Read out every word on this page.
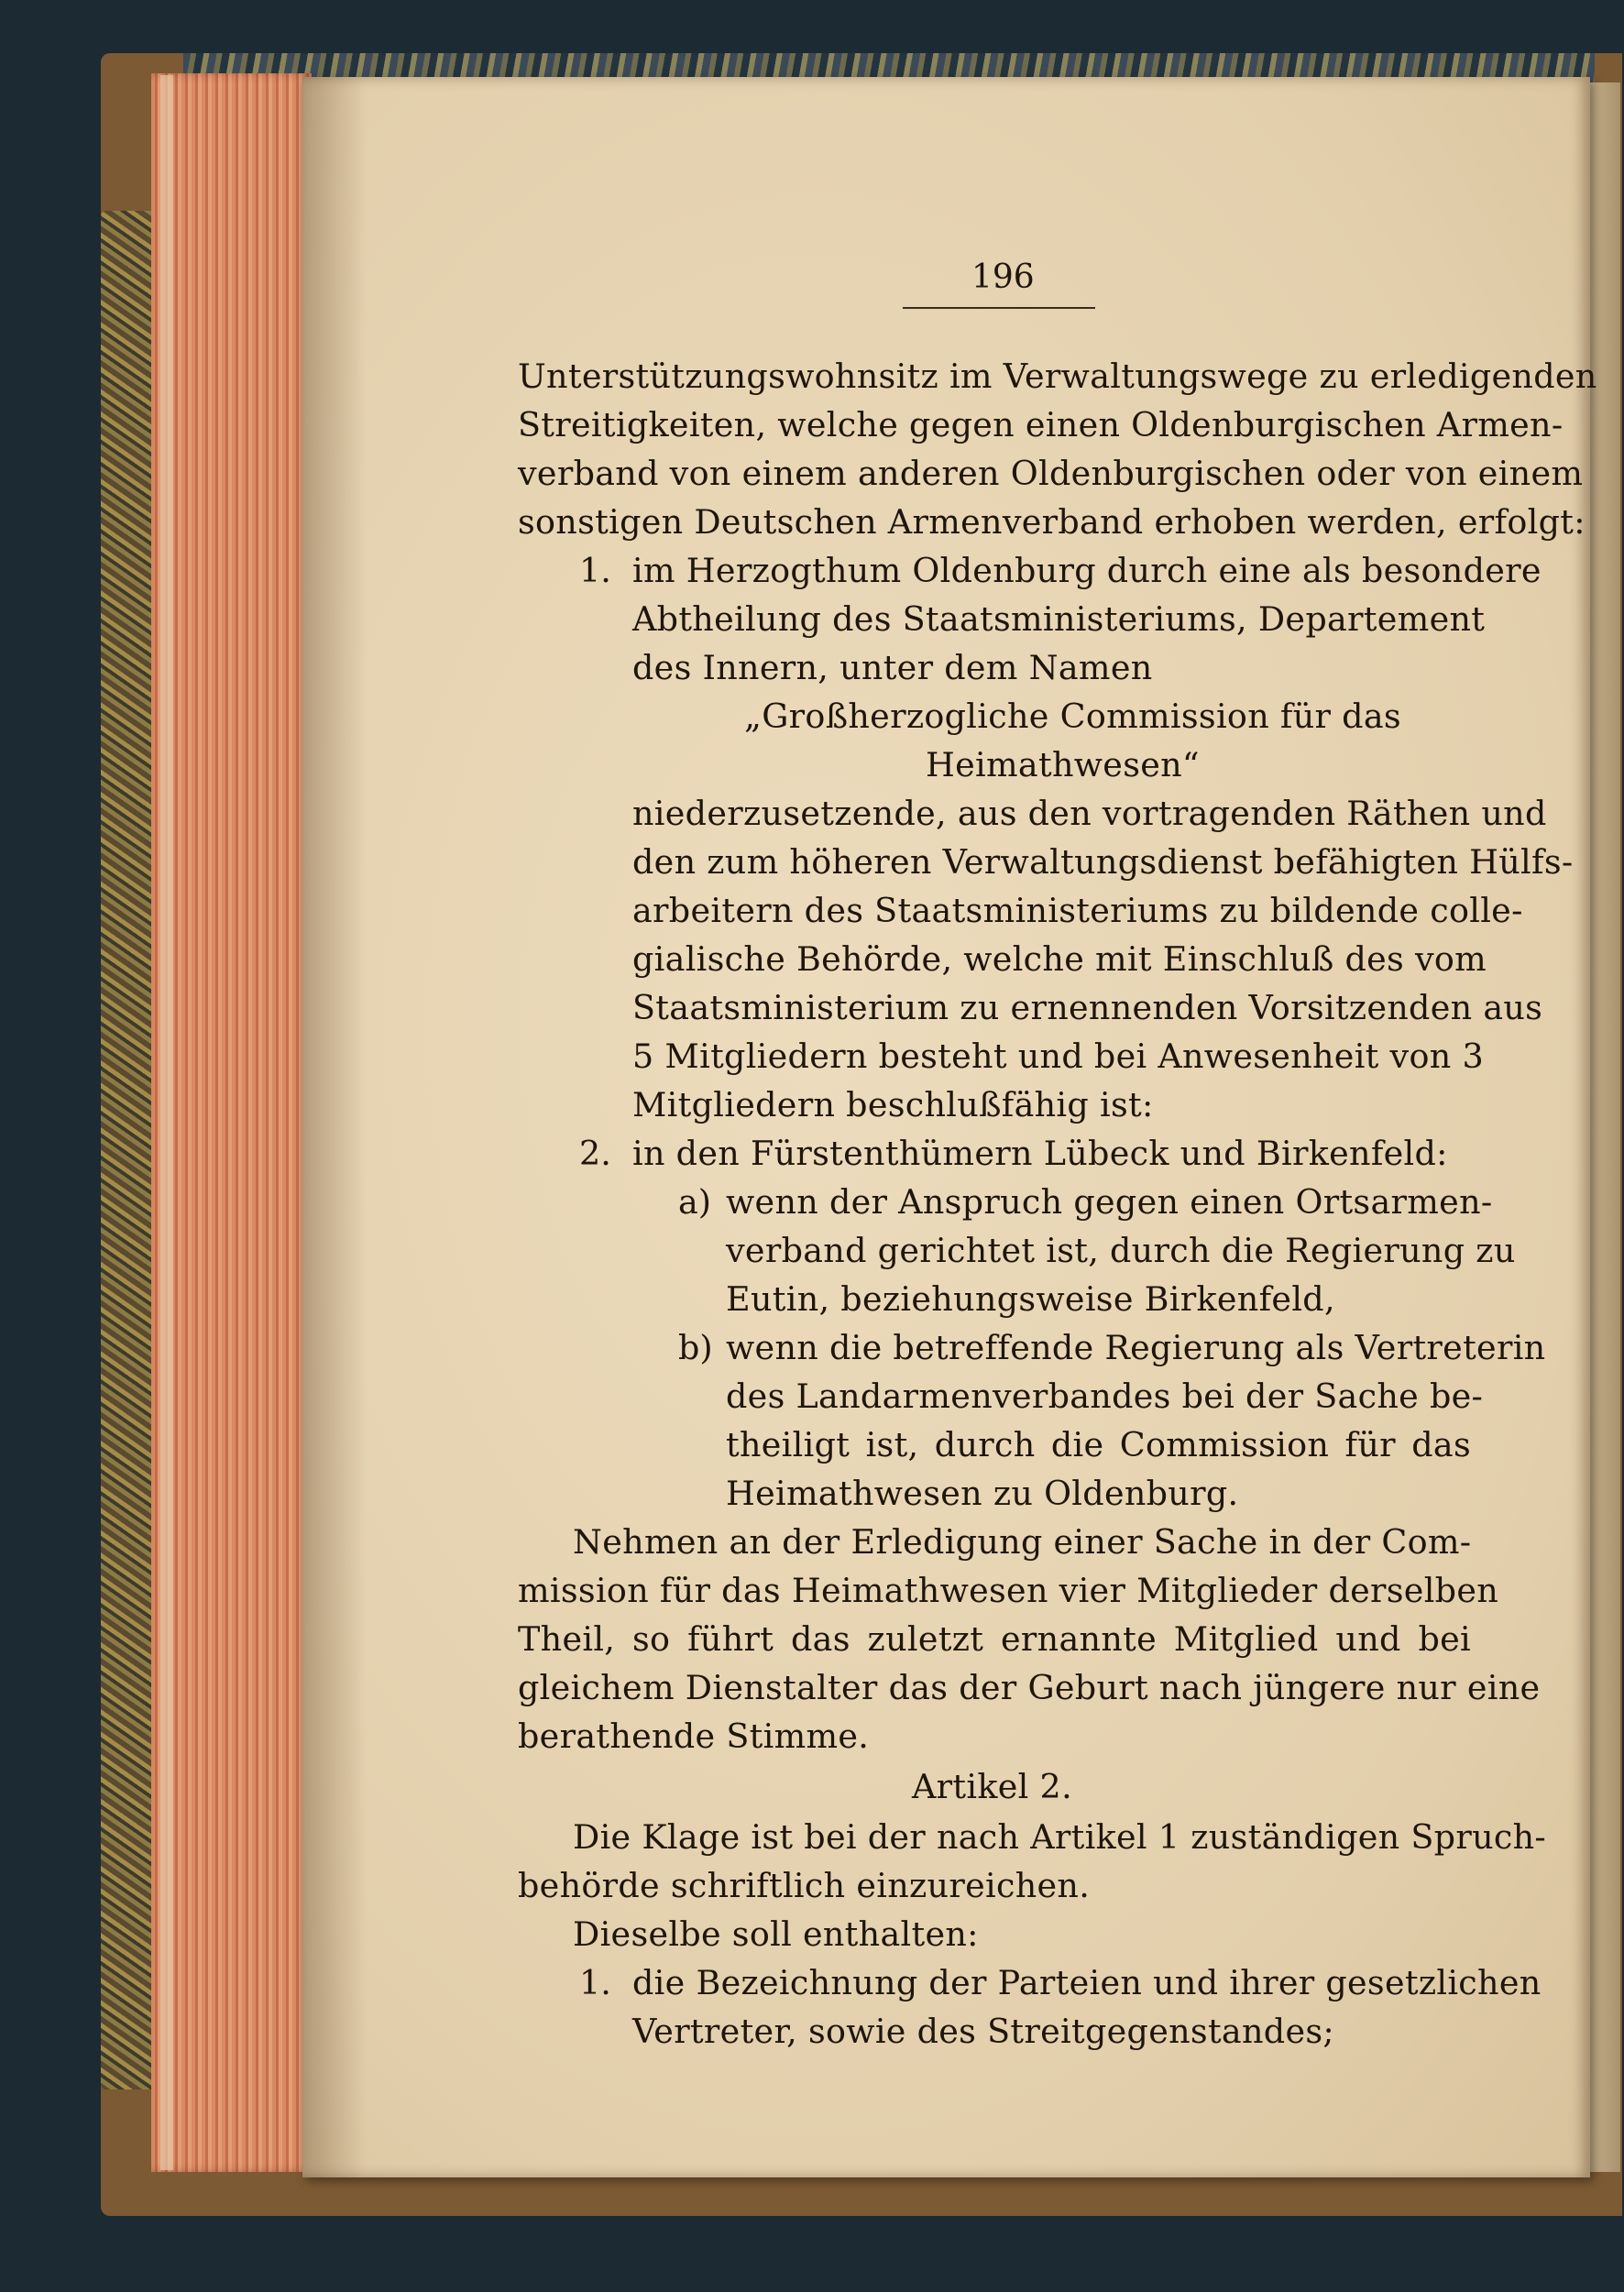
196
Unterstützungswohnsitz im Verwaltungswege zu erledigenden
Streitigkeiten, welche gegen einen Oldenburgischen Armen-
verband von einem anderen Oldenburgischen oder von einem
sonstigen Deutschen Armenverband erhoben werden, erfolgt:
1. im Herzogthum Oldenburg durch eine als besondere
Abtheilung des Staatsministeriums, Departement
des Innern, unter dem Namen
„Großherzogliche Commission für das
Heimathwesen“
niederzusetzende, aus den vortragenden Räthen und
den zum höheren Verwaltungsdienst befähigten Hülfs-
arbeitern des Staatsministeriums zu bildende colle-
gialische Behörde, welche mit Einschluß des vom
Staatsministerium zu ernennenden Vorsitzenden aus
5 Mitgliedern besteht und bei Anwesenheit von 3
Mitgliedern beschlußfähig ist:
2. in den Fürstenthümern Lübeck und Birkenfeld:
a) wenn der Anspruch gegen einen Ortsarmen-
verband gerichtet ist, durch die Regierung zu
Eutin, beziehungsweise Birkenfeld,
b) wenn die betreffende Regierung als Vertreterin
des Landarmenverbandes bei der Sache be-
theiligt ist, durch die Commission für das
Heimathwesen zu Oldenburg.
Nehmen an der Erledigung einer Sache in der Com-
mission für das Heimathwesen vier Mitglieder derselben
Theil, so führt das zuletzt ernannte Mitglied und bei
gleichem Dienstalter das der Geburt nach jüngere nur eine
berathende Stimme.
Artikel 2.
Die Klage ist bei der nach Artikel 1 zuständigen Spruch-
behörde schriftlich einzureichen.
Dieselbe soll enthalten:
1. die Bezeichnung der Parteien und ihrer gesetzlichen
Vertreter, sowie des Streitgegenstandes;
